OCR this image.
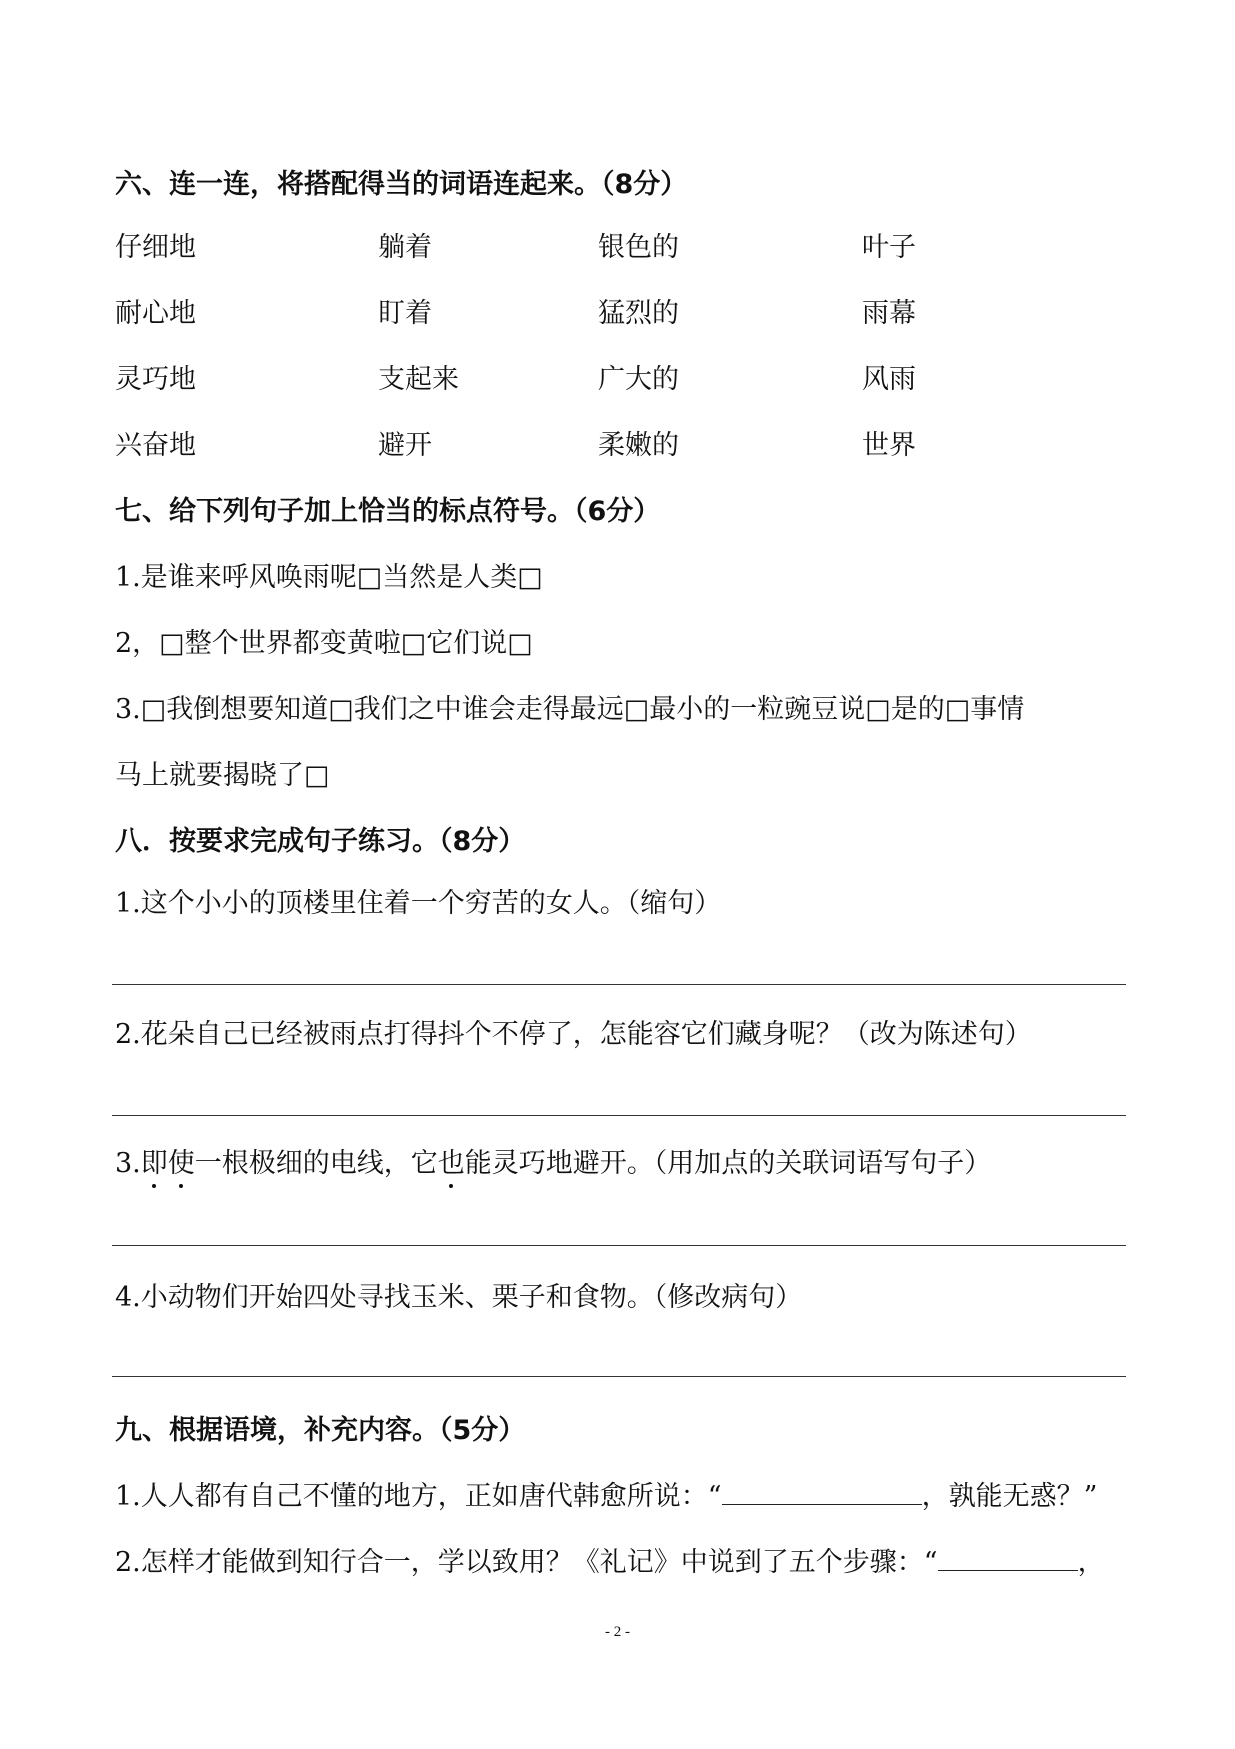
六、连一连，将搭配得当的词语连起来。（8分）
仔细地	躺着	银色的	叶子
耐心地	盯着	猛烈的	雨幕
灵巧地	支起来	广大的	风雨
兴奋地	避开	柔嫩的	世界
七、给下列句子加上恰当的标点符号。（6分）
1.是谁来呼风唤雨呢□当然是人类□
2，□整个世界都变黄啦□它们说□
3.□我倒想要知道□我们之中谁会走得最远□最小的一粒豌豆说□是的□事情
马上就要揭晓了□
八．按要求完成句子练习。（8分）
1.这个小小的顶楼里住着一个穷苦的女人。（缩句）
2.花朵自己已经被雨点打得抖个不停了，怎能容它们藏身呢？（改为陈述句）
3.即使一根极细的电线，它也能灵巧地避开。（用加点的关联词语写句子）
4.小动物们开始四处寻找玉米、栗子和食物。（修改病句）
九、根据语境，补充内容。（5分）
1.人人都有自己不懂的地方，正如唐代韩愈所说：“	，孰能无惑？”
2.怎样才能做到知行合一，学以致用？《礼记》中说到了五个步骤：“	，
- 2 -
